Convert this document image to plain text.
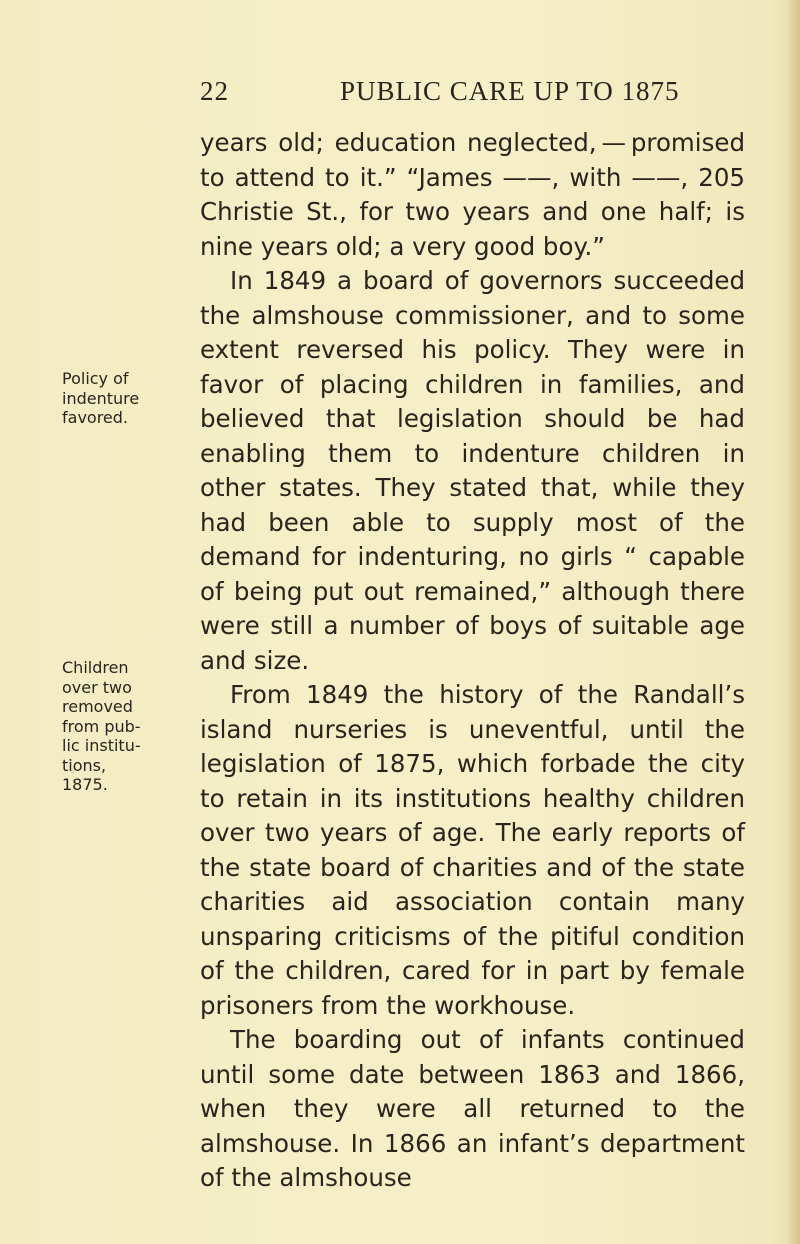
22	PUBLIC CARE UP TO 1875
Policy of
indenture
favored.
Children
over two
removed
from pub-
lic institu-
tions,
1875.

years old; education neglected, — promised to attend to it.” “James ——, with ——, 205 Christie St., for two years and one half; is nine years old; a very good boy.”

In 1849 a board of governors succeeded the almshouse commissioner, and to some extent reversed his policy. They were in favor of placing children in families, and believed that legislation should be had enabling them to indenture children in other states. They stated that, while they had been able to supply most of the demand for indenturing, no girls “ capable of being put out remained,” although there were still a number of boys of suitable age and size.

From 1849 the history of the Randall’s island nurseries is uneventful, until the legislation of 1875, which forbade the city to retain in its institutions healthy children over two years of age. The early reports of the state board of charities and of the state charities aid association contain many unsparing criticisms of the pitiful condition of the children, cared for in part by female prisoners from the workhouse.

The boarding out of infants continued until some date between 1863 and 1866, when they were all returned to the almshouse. In 1866 an infant’s department of the almshouse
